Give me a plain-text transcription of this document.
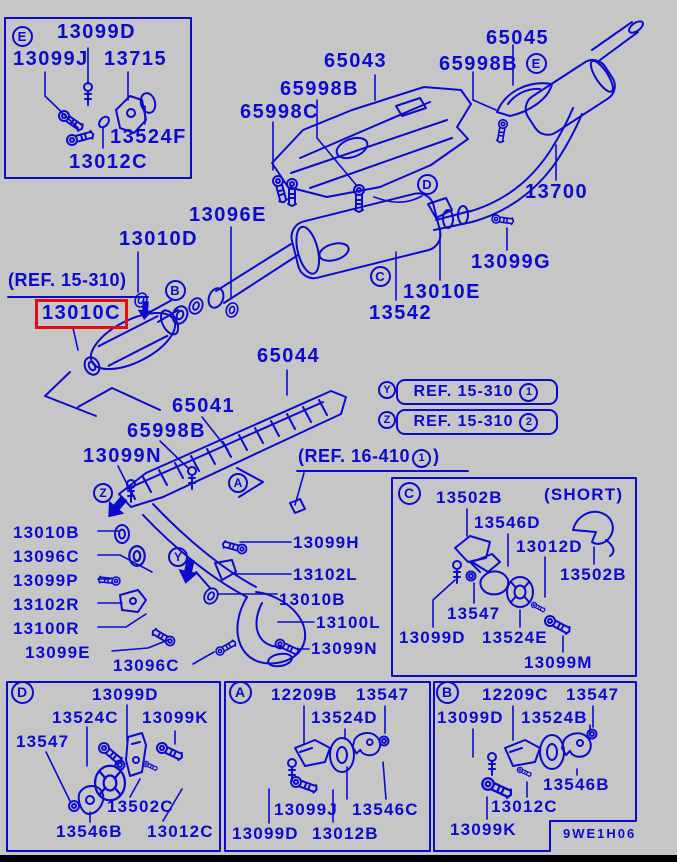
13099D
13099J 13715
13524F
13012C
65043
65998B
65998C
65045
65998B
13700
13096E
13010D
(REF. 15-310)
13010C
13099G
13010E
13542
65044
65041
65998B
13099N	(REF. 16-410 1 )
13010B
13096C
13099P
13102R
13100R
13099E
13096C
13099H
13102L
13010B
13100L
13099N
13502B (SHORT)
13546D
13012D
13502B
13547
13099D 13524E
13099M
13099D
13524C 13099K
13547
13502C
13546B 13012C
12209B 13547
13524D
13099J 13546C
13099D 13012B
12209C 13547
13099D 13524B
13546B
13012C
13099K
E
D
E
B
C
Z
Y
A
C
D	A	B
Y
Z
REF. 15-310	1
REF. 15-310	2
9WE1H06
